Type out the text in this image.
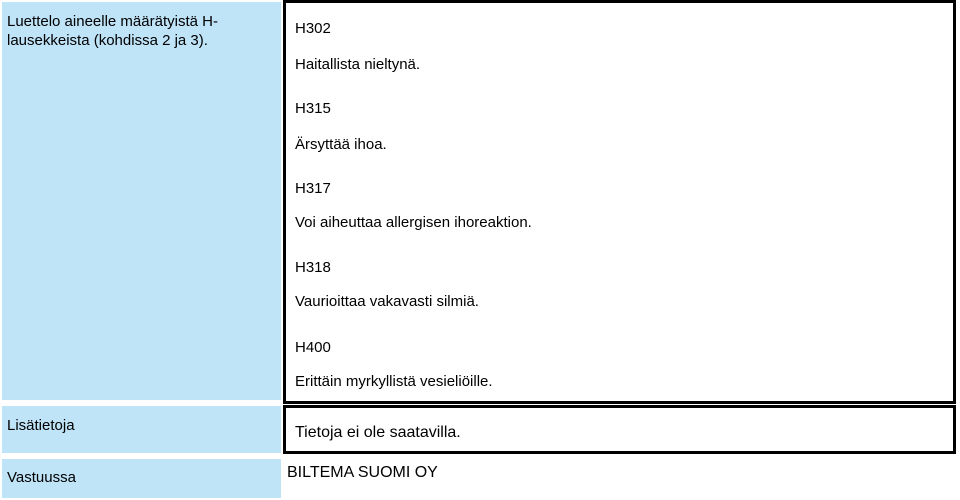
Luettelo aineelle määrätyistä H-lausekkeista (kohdissa 2 ja 3).
H302
Haitallista nieltynä.
H315
Ärsyttää ihoa.
H317
Voi aiheuttaa allergisen ihoreaktion.
H318
Vaurioittaa vakavasti silmiä.
H400
Erittäin myrkyllistä vesieliöille.
Lisätietoja	Tietoja ei ole saatavilla.
Vastuussa	BILTEMA SUOMI OY
